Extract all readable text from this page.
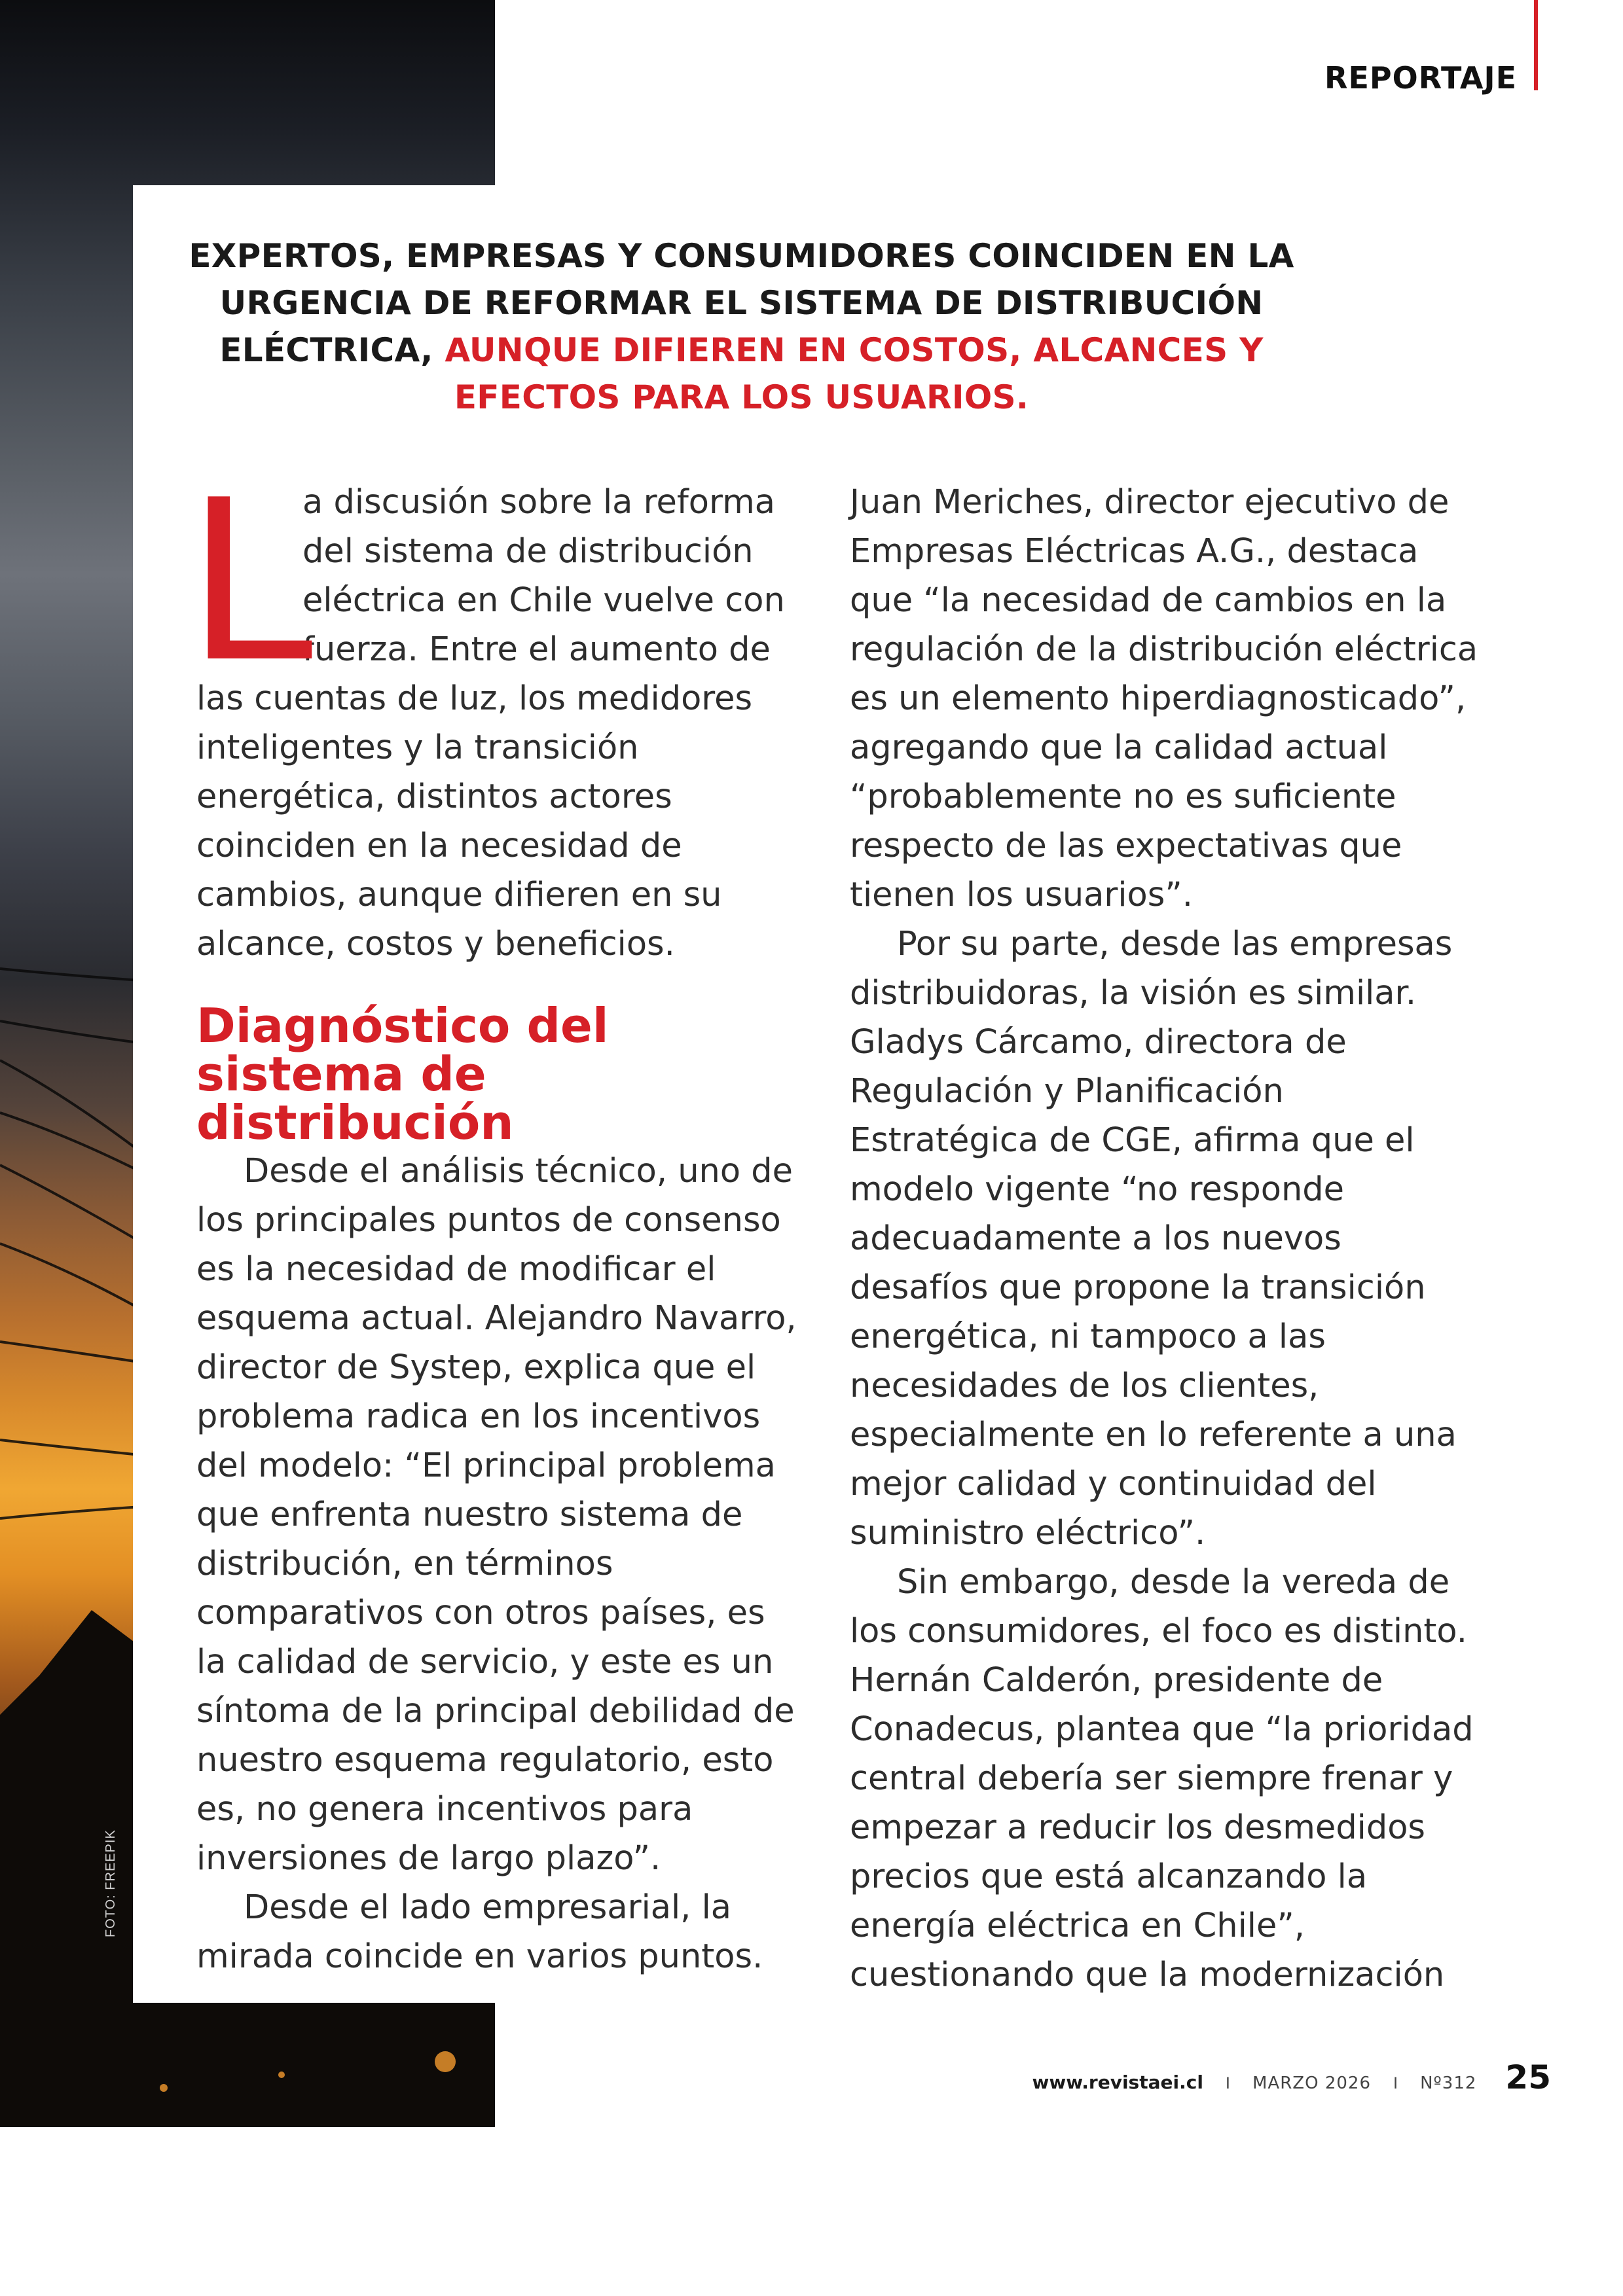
FOTO: FREEPIK
REPORTAJE
EXPERTOS, EMPRESAS Y CONSUMIDORES COINCIDEN EN LA URGENCIA DE REFORMAR EL SISTEMA DE DISTRIBUCIÓN ELÉCTRICA, AUNQUE DIFIEREN EN COSTOS, ALCANCES Y EFECTOS PARA LOS USUARIOS.
L

a discusión sobre la reforma del sistema de distribución eléctrica en Chile vuelve con fuerza. Entre el aumento de las cuentas de luz, los medidores inteligentes y la transición energética, distintos actores coinciden en la necesidad de cambios, aunque difieren en su alcance, costos y beneficios.

Diagnóstico del sistema de distribución

Desde el análisis técnico, uno de los principales puntos de consenso es la necesidad de modificar el esquema actual. Alejandro Navarro, director de Systep, explica que el problema radica en los incentivos del modelo: “El principal problema que enfrenta nuestro sistema de distribución, en términos comparativos con otros países, es la calidad de servicio, y este es un síntoma de la principal debilidad de nuestro esquema regulatorio, esto es, no genera incentivos para inversiones de largo plazo”.

Desde el lado empresarial, la mirada coincide en varios puntos.

Juan Meriches, director ejecutivo de Empresas Eléctricas A.G., destaca que “la necesidad de cambios en la regulación de la distribución eléctrica es un elemento hiperdiagnosticado”, agregando que la calidad actual “probablemente no es suficiente respecto de las expectativas que tienen los usuarios”.

Por su parte, desde las empresas distribuidoras, la visión es similar. Gladys Cárcamo, directora de Regulación y Planificación Estratégica de CGE, afirma que el modelo vigente “no responde adecuadamente a los nuevos desafíos que propone la transición energética, ni tampoco a las necesidades de los clientes, especialmente en lo referente a una mejor calidad y continuidad del suministro eléctrico”.

Sin embargo, desde la vereda de los consumidores, el foco es distinto. Hernán Calderón, presidente de Conadecus, plantea que “la prioridad central debería ser siempre frenar y empezar a reducir los desmedidos precios que está alcanzando la energía eléctrica en Chile”, cuestionando que la modernización

www.revistaei.cl I MARZO 2026 I Nº312 25
